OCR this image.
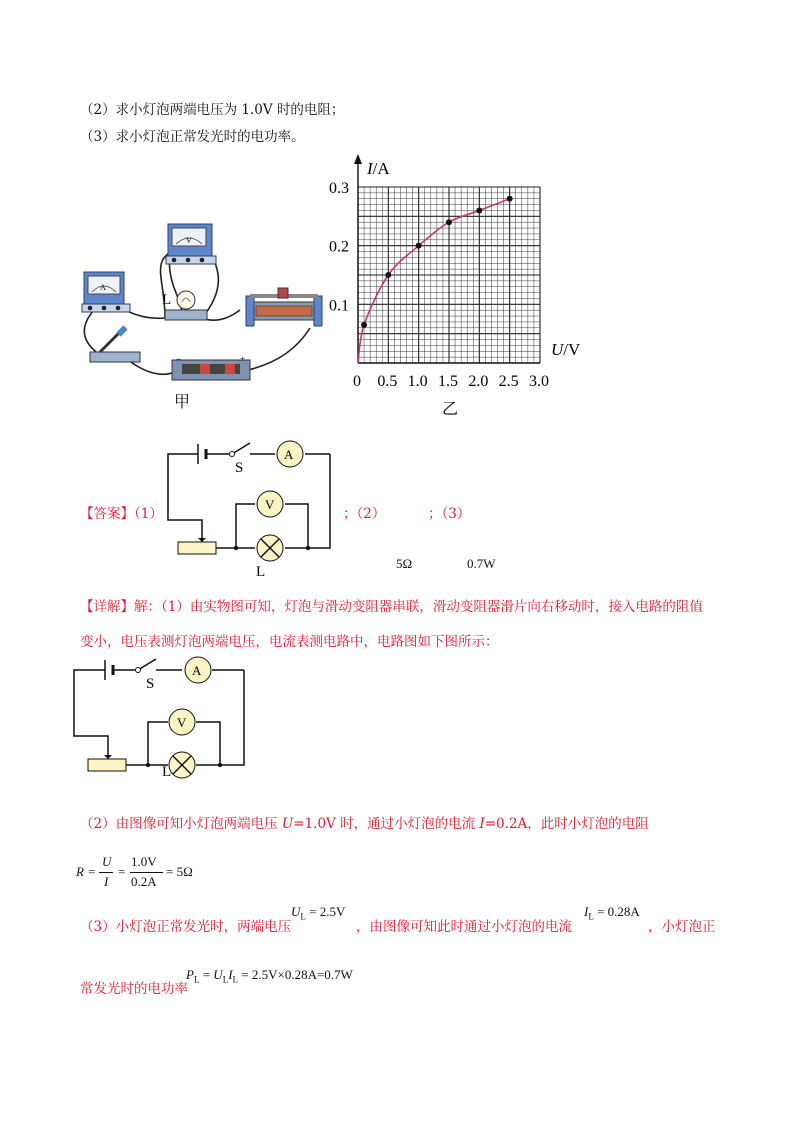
（2）求小灯泡两端电压为 1.0V 时的电阻；
（3）求小灯泡正常发光时的电功率。
A
V
L
−	+
甲
0 0.5 1.0 1.5 2.0 2.5 3.0
0.1
0.2
0.3
I/A
U/V
乙
【答案】（1）
S
A
V
L
；（2）	；（3）
5Ω	0.7W
【详解】解：（1）由实物图可知，灯泡与滑动变阻器串联，滑动变阻器滑片向右移动时，接入电路的阻值
变小，电压表测灯泡两端电压，电流表测电路中，电路图如下图所示：
S
A
V
L
（2）由图像可知小灯泡两端电压 U=1.0V 时，通过小灯泡的电流 I=0.2A，此时小灯泡的电阻
R =
U
I
=
1.0V
0.2A
= 5Ω
（3）小灯泡正常发光时，两端电压
$U_L = 2.5V$
，由图像可知此时通过小灯泡的电流
$I_L = 0.28A$
，小灯泡正
常发光时的电功率
$P_L = U_LI_L = 2.5V\times 0.28A=0.7W$
